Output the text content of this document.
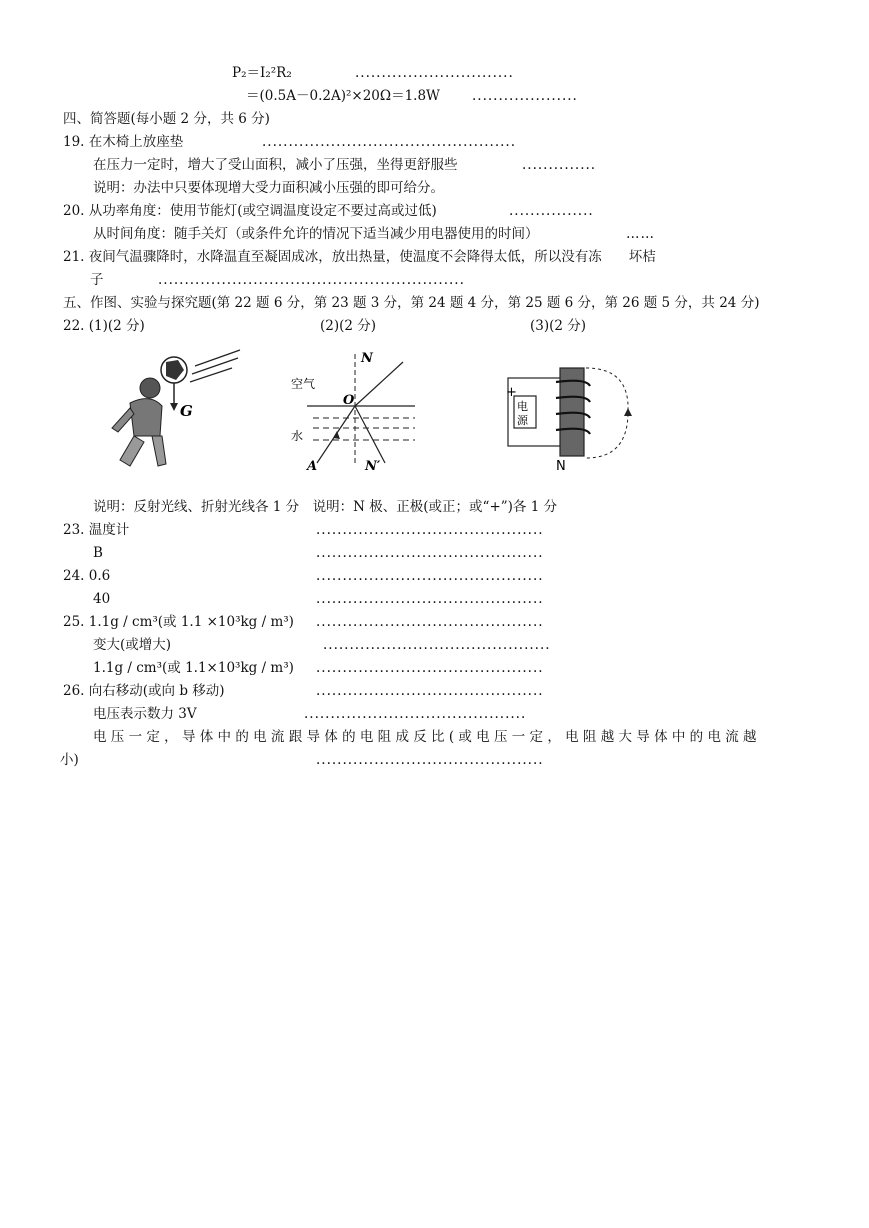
P₂＝I₂²R₂	..............................
＝(0.5A－0.2A)²×20Ω＝1.8W ....................
四、简答题(每小题 2 分，共 6 分)
19. 在木椅上放座垫	................................................
在压力一定时，增大了受山面积，减小了压强，坐得更舒服些	..............
说明：办法中只要体现增大受力面积减小压强的即可给分。
20. 从功率角度：使用节能灯(或空调温度设定不要过高或过低)	................
从时间角度：随手关灯（或条件允许的情况下适当减少用电器使用的时间）	……
21. 夜间气温骤降时，水降温直至凝固成冰，放出热量，使温度不会降得太低，所以没有冻　　坏桔
子	..........................................................
五、作图、实验与探究题(第 22 题 6 分，第 23 题 3 分，第 24 题 4 分，第 25 题 6 分，第 26 题 5 分，共 24 分)
22. (1)(2 分)	(2)(2 分)	(3)(2 分)
说明：反射光线、折射光线各 1 分　说明：N 极、正极(或正；或“+”)各 1 分
23. 温度计	...........................................
B	...........................................
24. 0.6	...........................................
40	...........................................
25. 1.1g / cm³(或 1.1 ×10³kg / m³) ...........................................
变大(或增大)	...........................................
1.1g / cm³(或 1.1×10³kg / m³) ...........................................
26. 向右移动(或向 b 移动)	...........................................
电压表示数力 3V	..........................................
电 压 一 定 ， 导 体 中 的 电 流 跟 导 体 的 电 阻 成 反 比 ( 或 电 压 一 定 ， 电 阻 越 大 导 体 中 的 电 流 越
小)	...........................................
G
N
O
空气
水
A	N′
+
电
源
N
